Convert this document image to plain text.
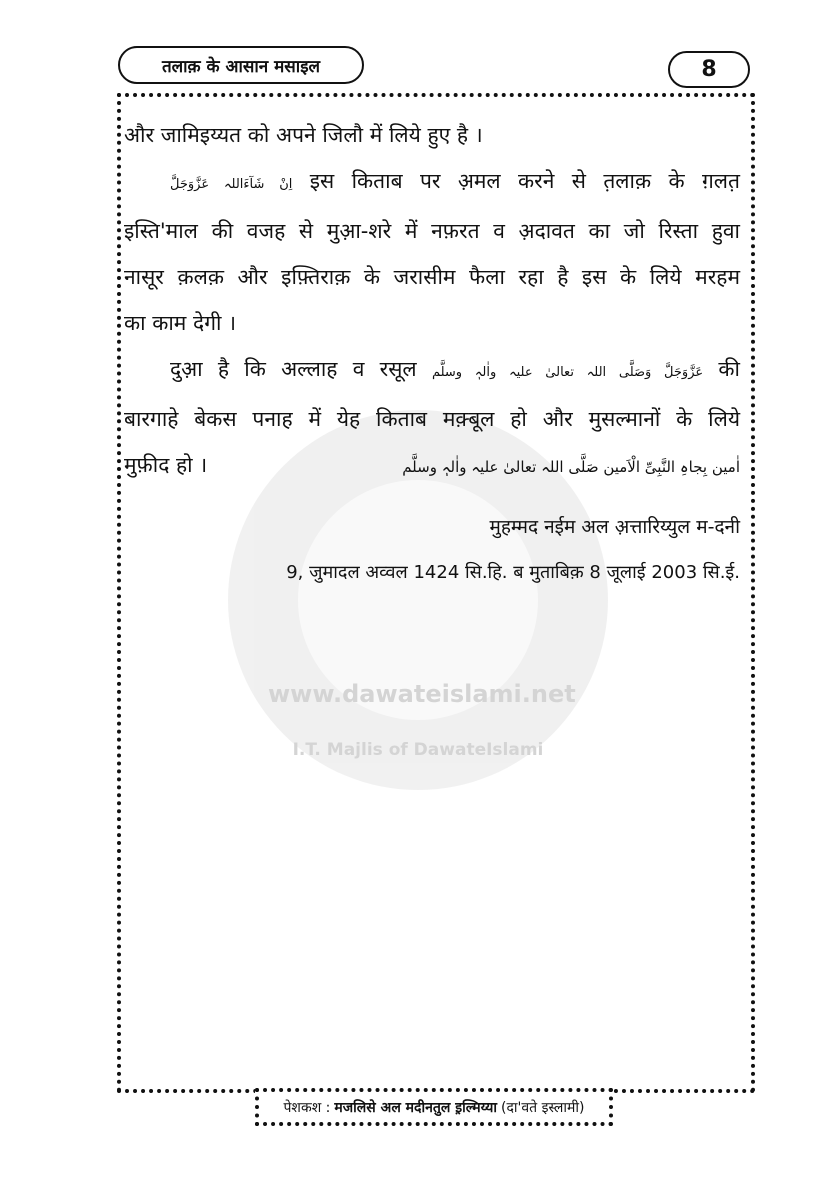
तलाक़ के आसान मसाइल	8
www.dawateislami.net
I.T. Majlis of DawateIslami
और जामिइय्यत को अपने जिलौ में लिये हुए है ।
اِنْ شَآءَاللہ عَزَّوَجَلَّ इस किताब पर अ़मल करने से त़लाक़ के ग़लत़
इस्ति'माल की वजह से मुआ़-शरे में नफ़रत व अ़दावत का जो रिस्ता हुवा
नासूर क़लक़ और इफ़्तिराक़ के जरासीम फैला रहा है इस के लिये मरहम
का काम देगी ।
दुआ़ है कि अल्लाह व रसूल عَزَّوَجَلَّ وَصَلَّی اللہ تعالیٰ علیہ واٰلہٖ وسلَّم की
बारगाहे बेकस पनाह में येह किताब मक़्बूल हो और मुसल्मानों के लिये
मुफ़ीद हो ।	اٰمین بِجاہِ النَّبِیِّ الْاَمین صَلَّی اللہ تعالیٰ علیہ واٰلہٖ وسلَّم
मुहम्मद नईम अल अ़त्तारिय्युल म-दनी
9, जुमादल अव्वल 1424 सि.हि. ब मुताबिक़ 8 जूलाई 2003 सि.ई.
पेशकश : मजलिसे अल मदीनतुल इ़ल्मिय्या (दा'वते इस्लामी)
